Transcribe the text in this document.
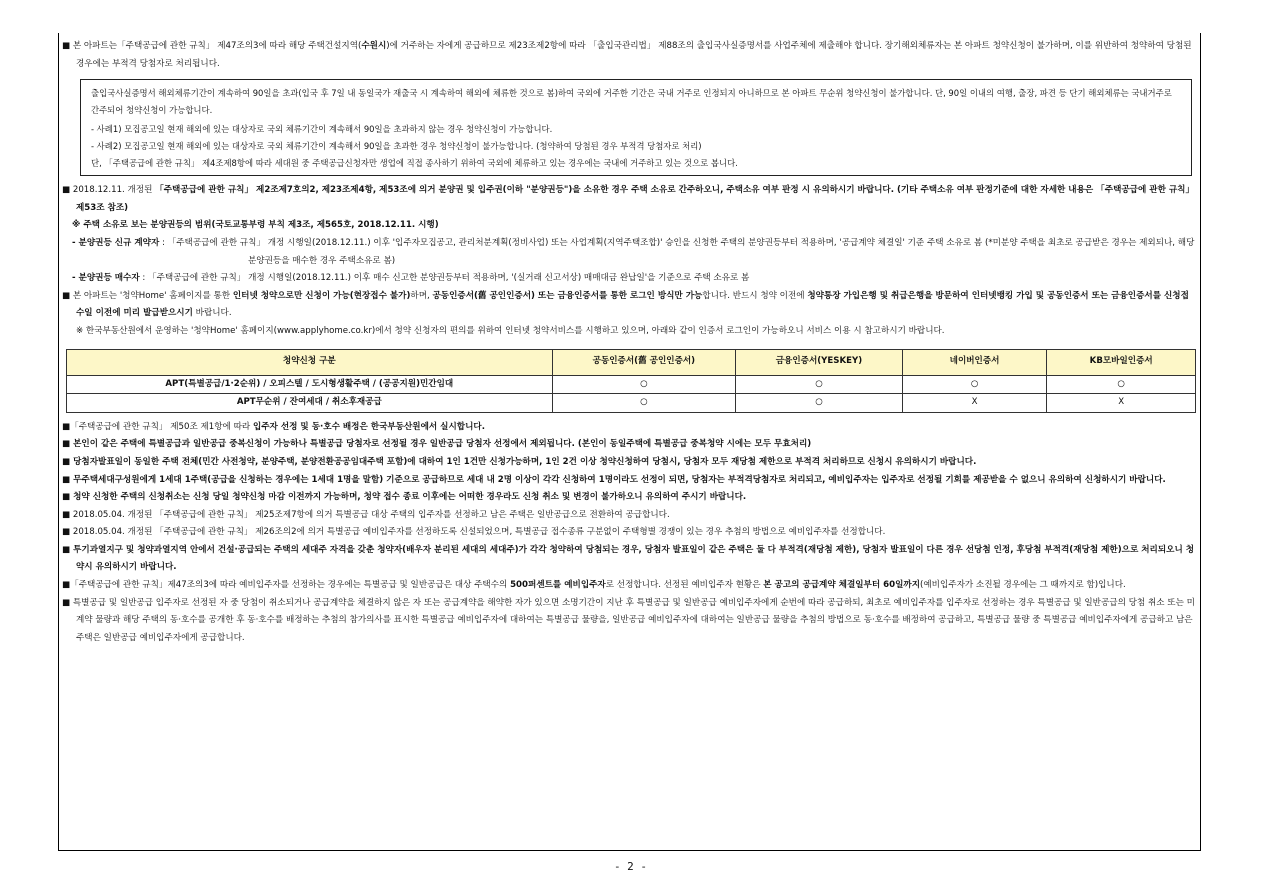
■ 본 아파트는「주택공급에 관한 규칙」 제47조의3에 따라 해당 주택건설지역(수원시)에 거주하는 자에게 공급하므로 제23조제2항에 따라 「출입국관리법」 제88조의 출입국사실증명서를 사업주체에 제출해야 합니다. 장기해외체류자는 본 아파트 청약신청이 불가하며, 이를 위반하여 청약하여 당첨된 경우에는 부적격 당첨자로 처리됩니다.

출입국사실증명서 해외체류기간이 계속하여 90일을 초과(입국 후 7일 내 동일국가 재출국 시 계속하여 해외에 체류한 것으로 봄)하여 국외에 거주한 기간은 국내 거주로 인정되지 아니하므로 본 아파트 무순위 청약신청이 불가합니다. 단, 90일 이내의 여행, 출장, 파견 등 단기 해외체류는 국내거주로 간주되어 청약신청이 가능합니다.

- 사례1) 모집공고일 현재 해외에 있는 대상자로 국외 체류기간이 계속해서 90일을 초과하지 않는 경우 청약신청이 가능합니다.

- 사례2) 모집공고일 현재 해외에 있는 대상자로 국외 체류기간이 계속해서 90일을 초과한 경우 청약신청이 불가능합니다. (청약하여 당첨된 경우 부적격 당첨자로 처리)

단, 「주택공급에 관한 규칙」 제4조제8항에 따라 세대원 중 주택공급신청자만 생업에 직접 종사하기 위하여 국외에 체류하고 있는 경우에는 국내에 거주하고 있는 것으로 봅니다.

■ 2018.12.11. 개정된 「주택공급에 관한 규칙」 제2조제7호의2, 제23조제4항, 제53조에 의거 분양권 및 입주권(이하 "분양권등")을 소유한 경우 주택 소유로 간주하오니, 주택소유 여부 판정 시 유의하시기 바랍니다. (기타 주택소유 여부 판정기준에 대한 자세한 내용은 「주택공급에 관한 규칙」 제53조 참조)

※ 주택 소유로 보는 분양권등의 범위(국토교통부령 부칙 제3조, 제565호, 2018.12.11. 시행)

- 분양권등 신규 계약자 : 「주택공급에 관한 규칙」 개정 시행일(2018.12.11.) 이후 '입주자모집공고, 관리처분계획(정비사업) 또는 사업계획(지역주택조합)' 승인을 신청한 주택의 분양권등부터 적용하며, '공급계약 체결일' 기준 주택 소유로 봄 (*미분양 주택을 최초로 공급받은 경우는 제외되나, 해당 분양권등을 매수한 경우 주택소유로 봄)

- 분양권등 매수자 : 「주택공급에 관한 규칙」 개정 시행일(2018.12.11.) 이후 매수 신고한 분양권등부터 적용하며, '(실거래 신고서상) 매매대금 완납일'을 기준으로 주택 소유로 봄

■ 본 아파트는 '청약Home' 홈페이지를 통한 인터넷 청약으로만 신청이 가능(현장접수 불가)하며, 공동인증서(舊 공인인증서) 또는 금융인증서를 통한 로그인 방식만 가능합니다. 반드시 청약 이전에 청약통장 가입은행 및 취급은행을 방문하여 인터넷뱅킹 가입 및 공동인증서 또는 금융인증서를 신청접수일 이전에 미리 발급받으시기 바랍니다.

※ 한국부동산원에서 운영하는 '청약Home' 홈페이지(www.applyhome.co.kr)에서 청약 신청자의 편의를 위하여 인터넷 청약서비스를 시행하고 있으며, 아래와 같이 인증서 로그인이 가능하오니 서비스 이용 시 참고하시기 바랍니다.

청약신청 구분	공동인증서(舊 공인인증서)	금융인증서(YESKEY)	네이버인증서	KB모바일인증서
APT(특별공급/1·2순위) / 오피스텔 / 도시형생활주택 / (공공지원)민간임대	○	○	○	○
APT무순위 / 잔여세대 / 취소후재공급	○	○	X	X

■「주택공급에 관한 규칙」 제50조 제1항에 따라 입주자 선정 및 동·호수 배정은 한국부동산원에서 실시합니다.

■ 본인이 같은 주택에 특별공급과 일반공급 중복신청이 가능하나 특별공급 당첨자로 선정될 경우 일반공급 당첨자 선정에서 제외됩니다. (본인이 동일주택에 특별공급 중복청약 시에는 모두 무효처리)

■ 당첨자발표일이 동일한 주택 전체(민간 사전청약, 분양주택, 분양전환공공임대주택 포함)에 대하여 1인 1건만 신청가능하며, 1인 2건 이상 청약신청하여 당첨시, 당첨자 모두 재당첨 제한으로 부적격 처리하므로 신청시 유의하시기 바랍니다.

■ 무주택세대구성원에게 1세대 1주택(공급을 신청하는 경우에는 1세대 1명을 말함) 기준으로 공급하므로 세대 내 2명 이상이 각각 신청하여 1명이라도 선정이 되면, 당첨자는 부적격당첨자로 처리되고, 예비입주자는 입주자로 선정될 기회를 제공받을 수 없으니 유의하여 신청하시기 바랍니다.

■ 청약 신청한 주택의 신청취소는 신청 당일 청약신청 마감 이전까지 가능하며, 청약 접수 종료 이후에는 어떠한 경우라도 신청 취소 및 변경이 불가하오니 유의하여 주시기 바랍니다.

■ 2018.05.04. 개정된 「주택공급에 관한 규칙」 제25조제7항에 의거 특별공급 대상 주택의 입주자를 선정하고 남은 주택은 일반공급으로 전환하여 공급합니다.

■ 2018.05.04. 개정된 「주택공급에 관한 규칙」 제26조의2에 의거 특별공급 예비입주자를 선정하도록 신설되었으며, 특별공급 접수종류 구분없이 주택형별 경쟁이 있는 경우 추첨의 방법으로 예비입주자를 선정합니다.

■ 투기과열지구 및 청약과열지역 안에서 건설·공급되는 주택의 세대주 자격을 갖춘 청약자(배우자 분리된 세대의 세대주)가 각각 청약하여 당첨되는 경우, 당첨자 발표일이 같은 주택은 둘 다 부적격(재당첨 제한), 당첨자 발표일이 다른 경우 선당첨 인정, 후당첨 부적격(재당첨 제한)으로 처리되오니 청약시 유의하시기 바랍니다.

■「주택공급에 관한 규칙」제47조의3에 따라 예비입주자를 선정하는 경우에는 특별공급 및 일반공급은 대상 주택수의 500퍼센트를 예비입주자로 선정합니다. 선정된 예비입주자 현황은 본 공고의 공급계약 체결일부터 60일까지(예비입주자가 소진될 경우에는 그 때까지로 함)입니다.

■ 특별공급 및 일반공급 입주자로 선정된 자 중 당첨이 취소되거나 공급계약을 체결하지 않은 자 또는 공급계약을 해약한 자가 있으면 소명기간이 지난 후 특별공급 및 일반공급 예비입주자에게 순번에 따라 공급하되, 최초로 예비입주자를 입주자로 선정하는 경우 특별공급 및 일반공급의 당첨 취소 또는 미계약 물량과 해당 주택의 동·호수를 공개한 후 동·호수를 배정하는 추첨의 참가의사를 표시한 특별공급 예비입주자에 대하여는 특별공급 물량을, 일반공급 예비입주자에 대하여는 일반공급 물량을 추첨의 방법으로 동·호수를 배정하여 공급하고, 특별공급 물량 중 특별공급 예비입주자에게 공급하고 남은 주택은 일반공급 예비입주자에게 공급합니다.

- 2 -
